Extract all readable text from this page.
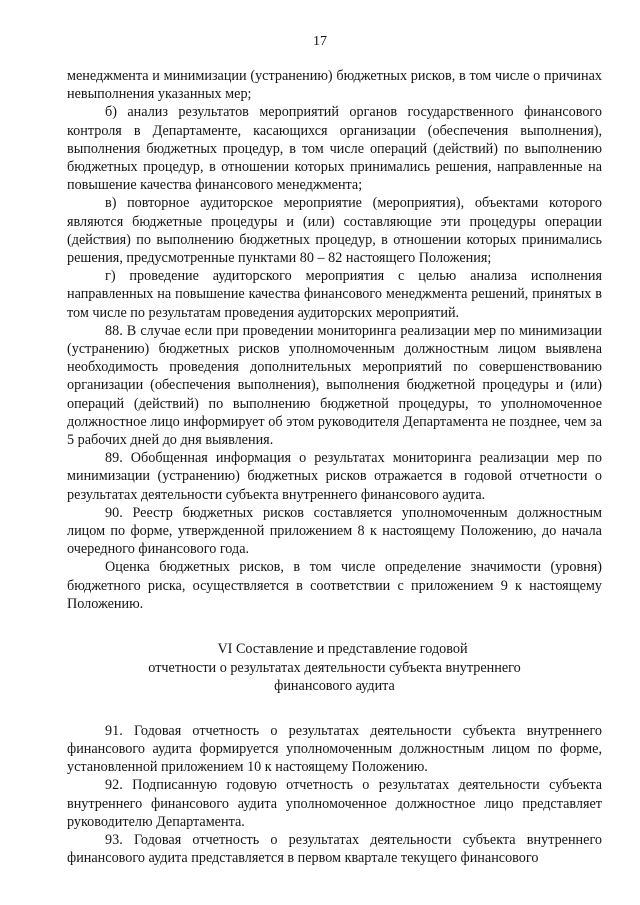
17

менеджмента и минимизации (устранению) бюджетных рисков, в том числе о причинах невыполнения указанных мер;

б) анализ результатов мероприятий органов государственного финансового контроля в Департаменте, касающихся организации (обеспечения выполнения), выполнения бюджетных процедур, в том числе операций (действий) по выполнению бюджетных процедур, в отношении которых принимались решения, направленные на повышение качества финансового менеджмента;

в) повторное аудиторское мероприятие (мероприятия), объектами которого являются бюджетные процедуры и (или) составляющие эти процедуры операции (действия) по выполнению бюджетных процедур, в отношении которых принимались решения, предусмотренные пунктами 80 – 82 настоящего Положения;

г) проведение аудиторского мероприятия с целью анализа исполнения направленных на повышение качества финансового менеджмента решений, принятых в том числе по результатам проведения аудиторских мероприятий.

88. В случае если при проведении мониторинга реализации мер по минимизации (устранению) бюджетных рисков уполномоченным должностным лицом выявлена необходимость проведения дополнительных мероприятий по совершенствованию организации (обеспечения выполнения), выполнения бюджетной процедуры и (или) операций (действий) по выполнению бюджетной процедуры, то уполномоченное должностное лицо информирует об этом руководителя Департамента не позднее, чем за 5 рабочих дней до дня выявления.

89. Обобщенная информация о результатах мониторинга реализации мер по минимизации (устранению) бюджетных рисков отражается в годовой отчетности о результатах деятельности субъекта внутреннего финансового аудита.

90. Реестр бюджетных рисков составляется уполномоченным должностным лицом по форме, утвержденной приложением 8 к настоящему Положению, до начала очередного финансового года.

Оценка бюджетных рисков, в том числе определение значимости (уровня) бюджетного риска, осуществляется в соответствии с приложением 9 к настоящему Положению.

VI Составление и представление годовой
отчетности о результатах деятельности субъекта внутреннего
финансового аудита

91. Годовая отчетность о результатах деятельности субъекта внутреннего финансового аудита формируется уполномоченным должностным лицом по форме, установленной приложением 10 к настоящему Положению.

92. Подписанную годовую отчетность о результатах деятельности субъекта внутреннего финансового аудита уполномоченное должностное лицо представляет руководителю Департамента.

93. Годовая отчетность о результатах деятельности субъекта внутреннего финансового аудита представляется в первом квартале текущего финансового
